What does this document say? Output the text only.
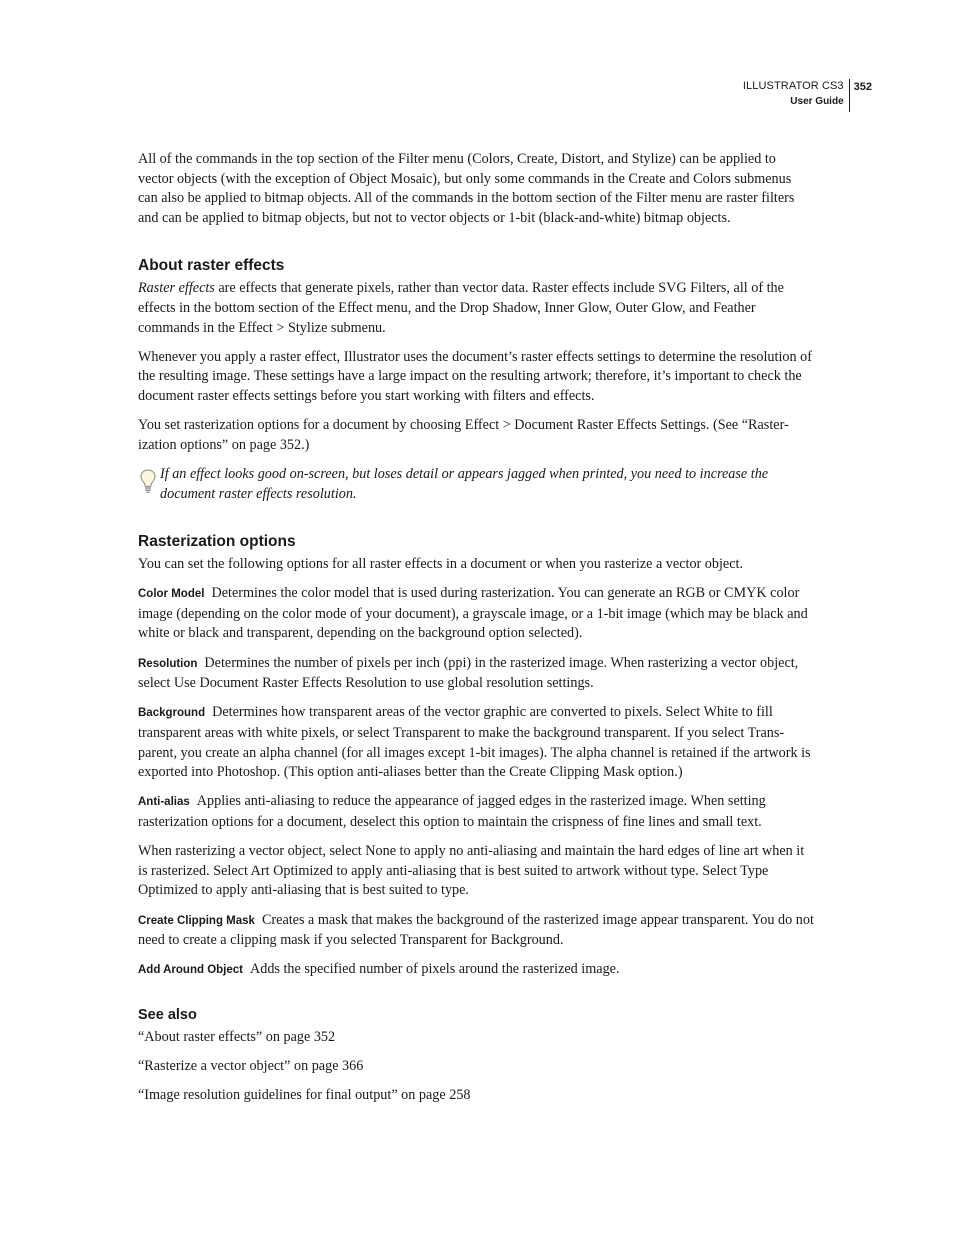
ILLUSTRATOR CS3
User Guide
352

All of the commands in the top section of the Filter menu (Colors, Create, Distort, and Stylize) can be applied to vector objects (with the exception of Object Mosaic), but only some commands in the Create and Colors submenus can also be applied to bitmap objects. All of the commands in the bottom section of the Filter menu are raster filters and can be applied to bitmap objects, but not to vector objects or 1-bit (black-and-white) bitmap objects.

About raster effects

Raster effects are effects that generate pixels, rather than vector data. Raster effects include SVG Filters, all of the effects in the bottom section of the Effect menu, and the Drop Shadow, Inner Glow, Outer Glow, and Feather commands in the Effect > Stylize submenu.

Whenever you apply a raster effect, Illustrator uses the document’s raster effects settings to determine the resolution of the resulting image. These settings have a large impact on the resulting artwork; therefore, it’s important to check the document raster effects settings before you start working with filters and effects.

You set rasterization options for a document by choosing Effect > Document Raster Effects Settings. (See “Raster-ization options” on page 352.)

If an effect looks good on-screen, but loses detail or appears jagged when printed, you need to increase the document raster effects resolution.
Rasterization options

You can set the following options for all raster effects in a document or when you rasterize a vector object.

Color Model Determines the color model that is used during rasterization. You can generate an RGB or CMYK color image (depending on the color mode of your document), a grayscale image, or a 1-bit image (which may be black and white or black and transparent, depending on the background option selected).

Resolution Determines the number of pixels per inch (ppi) in the rasterized image. When rasterizing a vector object, select Use Document Raster Effects Resolution to use global resolution settings.

Background Determines how transparent areas of the vector graphic are converted to pixels. Select White to fill transparent areas with white pixels, or select Transparent to make the background transparent. If you select Trans-parent, you create an alpha channel (for all images except 1-bit images). The alpha channel is retained if the artwork is exported into Photoshop. (This option anti-aliases better than the Create Clipping Mask option.)

Anti-alias Applies anti-aliasing to reduce the appearance of jagged edges in the rasterized image. When setting rasterization options for a document, deselect this option to maintain the crispness of fine lines and small text.

When rasterizing a vector object, select None to apply no anti-aliasing and maintain the hard edges of line art when it is rasterized. Select Art Optimized to apply anti-aliasing that is best suited to artwork without type. Select Type Optimized to apply anti-aliasing that is best suited to type.

Create Clipping Mask Creates a mask that makes the background of the rasterized image appear transparent. You do not need to create a clipping mask if you selected Transparent for Background.

Add Around Object Adds the specified number of pixels around the rasterized image.

See also

“About raster effects” on page 352

“Rasterize a vector object” on page 366

“Image resolution guidelines for final output” on page 258
